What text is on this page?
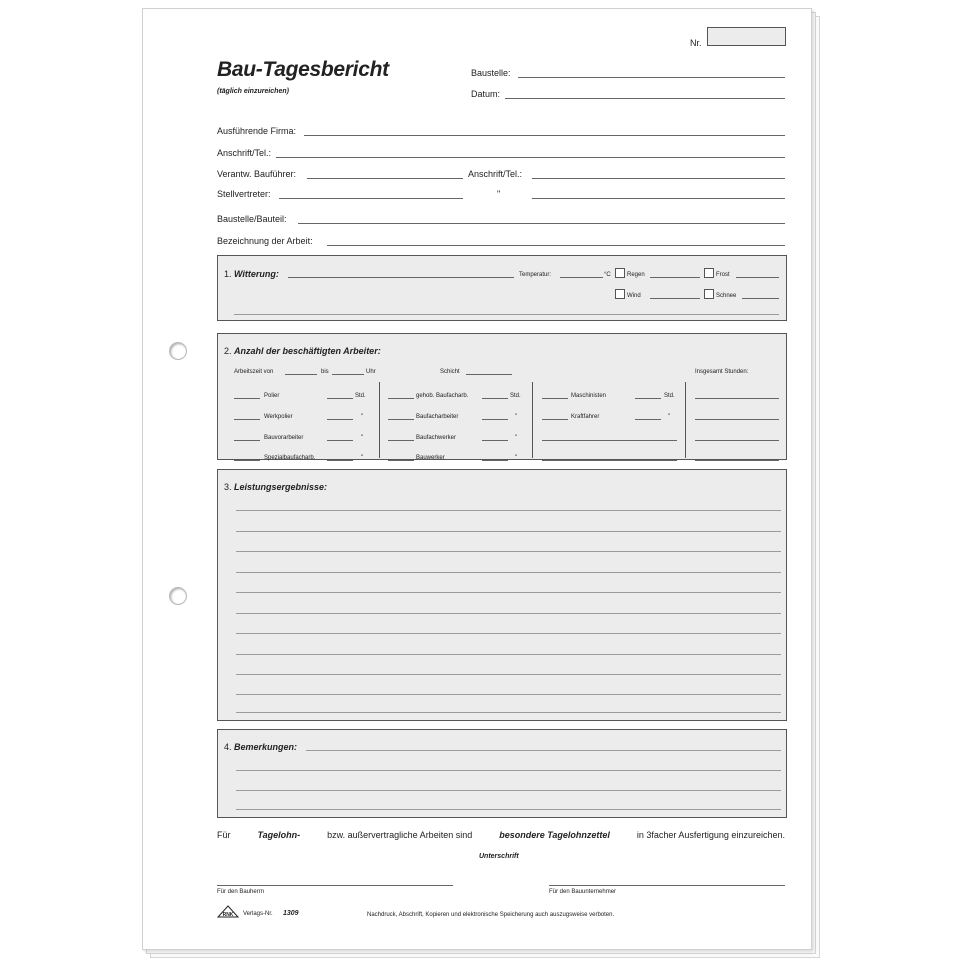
Nr.
Bau-Tagesbericht
(täglich einzureichen)
Baustelle:
Datum:
Ausführende Firma:
Anschrift/Tel.:
Verantw. Bauführer:	Anschrift/Tel.:
Stellvertreter:	"
Baustelle/Bauteil:
Bezeichnung der Arbeit:
1. Witterung:	Temperatur:	°C	Regen	Frost
Wind	Schnee
2. Anzahl der beschäftigten Arbeiter:
Arbeitszeit von	bis	Uhr	Schicht	Insgesamt Stunden:
Polier	Std.
Werkpolier	"
Bauvorarbeiter	"
Spezialbaufacharb.	"
gehob. Baufacharb.	Std.
Baufacharbeiter	"
Baufachwerker	"
Bauwerker	"
Maschinisten	Std.
Kraftfahrer	"
3. Leistungsergebnisse:
4. Bemerkungen:
Für	Tagelohn-	bzw. außervertragliche Arbeiten sind	besondere Tagelohnzettel	in 3facher Ausfertigung einzureichen.
Unterschrift
Für den Bauherrn	Für den Bauunternehmer
RNK Verlags-Nr. 1309	Nachdruck, Abschrift, Kopieren und elektronische Speicherung auch auszugsweise verboten.
